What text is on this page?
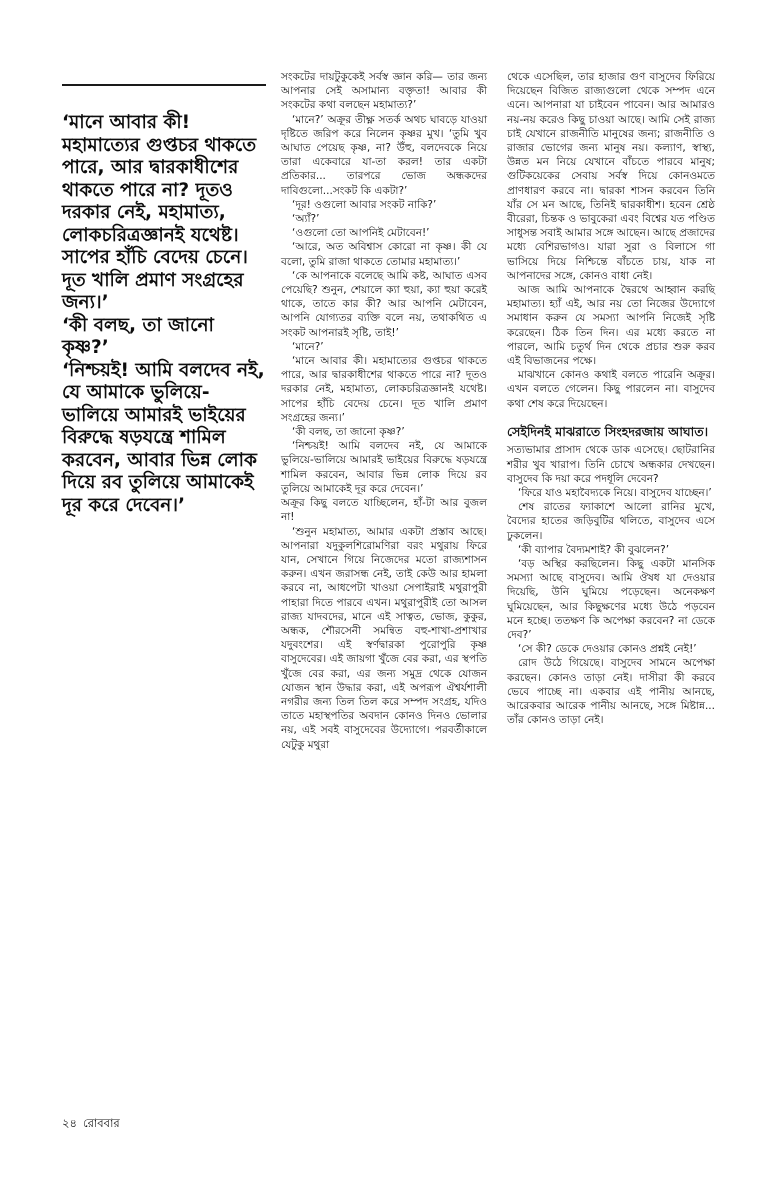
‘মানে আবার কী! মহামাত্যের গুপ্তচর থাকতে পারে, আর দ্বারকাধীশের থাকতে পারে না? দূতও দরকার নেই, মহামাত্য, লোকচরিত্রজ্ঞানই যথেষ্ট। সাপের হাঁচি বেদেয় চেনে। দূত খালি প্রমাণ সংগ্রহের জন্য।’

‘কী বলছ, তা জানো কৃষ্ণ?’

‘নিশ্চয়ই! আমি বলদেব নই, যে আমাকে ভুলিয়ে-ভালিয়ে আমারই ভাইয়ের বিরুদ্ধে ষড়যন্ত্রে শামিল করবেন, আবার ভিন্ন লোক দিয়ে রব তুলিয়ে আমাকেই দূর করে দেবেন।’

সংকটের দায়টুকুকেই সর্বস্ব জ্ঞান করি— তার জন্য আপনার সেই অসামান্য বক্তৃতা! আবার কী সংকটের কথা বলছেন মহামাত্য?’

‘মানে?’ অক্রূর তীক্ষ্ণ সতর্ক অথচ ঘাবড়ে যাওয়া দৃষ্টিতে জরিপ করে নিলেন কৃষ্ণর মুখ। ‘তুমি খুব আঘাত পেয়েছ কৃষ্ণ, না? উঁহু, বলদেবকে নিয়ে তারা একেবারে যা-তা করল! তার একটা প্রতিকার... তারপরে ভোজ অন্ধকদের দাবিগুলো...সংকট কি একটা?’

‘দূর! ওগুলো আবার সংকট নাকি?’

‘অ্যাঁ?’

‘ওগুলো তো আপনিই মেটাবেন!’

‘আরে, অত অবিশ্বাস কোরো না কৃষ্ণ। কী যে বলো, তুমি রাজা থাকতে তোমার মহামাত্য।’

‘কে আপনাকে বলেছে আমি কষ্ট, আঘাত এসব পেয়েছি? শুনুন, শেয়ালে ক্যা হুয়া, ক্যা হুয়া করেই থাকে, তাতে কার কী? আর আপনি মেটাবেন, আপনি যোগ্যতর ব্যক্তি বলে নয়, তথাকথিত এ সংকট আপনারই সৃষ্টি, তাই!’

‘মানে?’

‘মানে আবার কী। মহামাত্যের গুপ্তচর থাকতে পারে, আর দ্বারকাধীশের থাকতে পারে না? দূতও দরকার নেই, মহামাত্য, লোকচরিত্রজ্ঞানই যথেষ্ট। সাপের হাঁচি বেদেয় চেনে। দূত খালি প্রমাণ সংগ্রহের জন্য।’

‘কী বলছ, তা জানো কৃষ্ণ?’

‘নিশ্চয়ই! আমি বলদেব নই, যে আমাকে ভুলিয়ে-ভালিয়ে আমারই ভাইয়ের বিরুদ্ধে ষড়যন্ত্রে শামিল করবেন, আবার ভিন্ন লোক দিয়ে রব তুলিয়ে আমাকেই দূর করে দেবেন।’

অক্রূর কিছু বলতে যাচ্ছিলেন, হাঁ-টা আর বুজল না!

‘শুনুন মহামাত্য, আমার একটা প্রস্তাব আছে। আপনারা যদুকুলশিরোমণিরা বরং মথুরায় ফিরে যান, সেখানে গিয়ে নিজেদের মতো রাজ্যশাসন করুন। এখন জরাসন্ধ নেই, তাই কেউ আর হামলা করবে না, আধপেটা খাওয়া সেপাইরাই মথুরাপুরী পাহারা দিতে পারবে এখন। মথুরাপুরীই তো আসল রাজ্য যাদবদের, মানে এই সাত্বত, ভোজ, কুকুর, অন্ধক, শৌরসেনী সমন্বিত বহু-শাখা-প্রশাখার যদুবংশের। এই স্বর্ণদ্বারকা পুরোপুরি কৃষ্ণ বাসুদেবের। এই জায়গা খুঁজে বের করা, এর স্থপতি খুঁজে বের করা, এর জন্য সমুদ্র থেকে যোজন যোজন স্থান উদ্ধার করা, এই অপরূপ ঐশ্বর্যশালী নগরীর জন্য তিল তিল করে সম্পদ সংগ্রহ, যদিও তাতে মহাস্থপতির অবদান কোনও দিনও ভোলার নয়, এই সবই বাসুদেবের উদ্যোগে। পরবর্তীকালে যেটুকু মথুরা

থেকে এসেছিল, তার হাজার গুণ বাসুদেব ফিরিয়ে দিয়েছেন বিজিত রাজ্যগুলো থেকে সম্পদ এনে এনে। আপনারা যা চাইবেন পাবেন। আর আমারও নয়-নয় করেও কিছু চাওয়া আছে। আমি সেই রাজ্য চাই যেখানে রাজনীতি মানুষের জন্য; রাজনীতি ও রাজার ভোগের জন্য মানুষ নয়। কল্যাণ, স্বাস্থ্য, উন্নত মন নিয়ে যেখানে বাঁচতে পারবে মানুষ; গুটিকয়েকের সেবায় সর্বস্ব দিয়ে কোনওমতে প্রাণধারণ করবে না। দ্বারকা শাসন করবেন তিনি যাঁর সে মন আছে, তিনিই দ্বারকাধীশ। হবেন শ্রেষ্ঠ বীরেরা, চিন্তক ও ভাবুকেরা এবং বিশ্বের যত পণ্ডিত সাধুসন্ত সবাই আমার সঙ্গে আছেন। আছে প্রজাদের মধ্যে বেশিরভাগও। যারা সুরা ও বিলাসে গা ভাসিয়ে দিয়ে নিশ্চিন্তে বাঁচতে চায়, যাক না আপনাদের সঙ্গে, কোনও বাধা নেই।

আজ আমি আপনাকে দ্বৈরথে আহ্বান করছি মহামাত্য। হ্যাঁ এই, আর নয় তো নিজের উদ্যোগে সমাধান করুন যে সমস্যা আপনি নিজেই সৃষ্টি করেছেন। ঠিক তিন দিন। এর মধ্যে করতে না পারলে, আমি চতুর্থ দিন থেকে প্রচার শুরু করব এই বিভাজনের পক্ষে।

মাঝখানে কোনও কথাই বলতে পারেনি অক্রূর। এখন বলতে গেলেন। কিছু পারলেন না। বাসুদেব কথা শেষ করে দিয়েছেন।

সেইদিনই মাঝরাতে সিংহদরজায় আঘাত।

সত্যভামার প্রাসাদ থেকে ডাক এসেছে। ছোটরানির শরীর খুব খারাপ। তিনি চোখে অন্ধকার দেখছেন। বাসুদেব কি দয়া করে পদধূলি দেবেন?

‘ফিরে যাও মহাবৈদ্যকে নিয়ে। বাসুদেব যাচ্ছেন।’

শেষ রাতের ফ্যাকাশে আলো রানির মুখে, বৈদ্যের হাতের জড়িবুটির থলিতে, বাসুদেব এসে ঢুকলেন।

‘কী ব্যাপার বৈদ্যমশাই? কী বুঝলেন?’

‘বড় অস্থির করছিলেন। কিছু একটা মানসিক সমস্যা আছে বাসুদেব। আমি ঔষধ যা দেওয়ার দিয়েছি, উনি ঘুমিয়ে পড়েছেন। অনেকক্ষণ ঘুমিয়েছেন, আর কিছুক্ষণের মধ্যে উঠে পড়বেন মনে হচ্ছে। ততক্ষণ কি অপেক্ষা করবেন? না ডেকে দেব?’

‘সে কী? ডেকে দেওয়ার কোনও প্রশ্নই নেই!’

রোদ উঠে গিয়েছে। বাসুদেব সামনে অপেক্ষা করছেন। কোনও তাড়া নেই। দাসীরা কী করবে ভেবে পাচ্ছে না। একবার এই পানীয় আনছে, আরেকবার আরেক পানীয় আনছে, সঙ্গে মিষ্টান্ন... তাঁর কোনও তাড়া নেই।

২৪ রোববার
